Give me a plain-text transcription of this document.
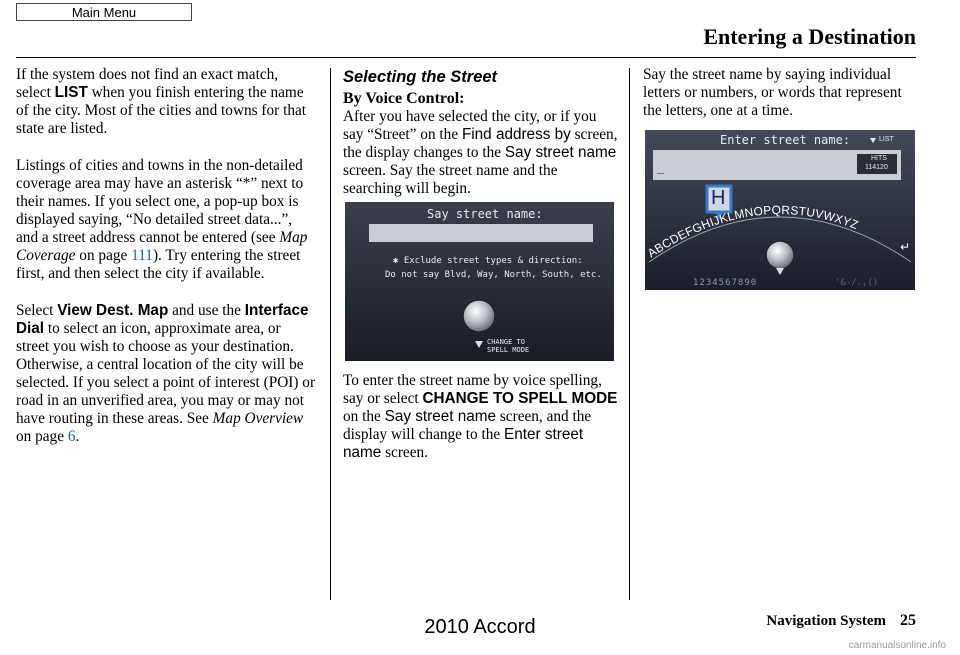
Main Menu
Entering a Destination

If the system does not find an exact match, select LIST when you finish entering the name of the city. Most of the cities and towns for that state are listed.

Listings of cities and towns in the non-detailed coverage area may have an asterisk “*” next to their names. If you select one, a pop-up box is displayed saying, “No detailed street data...”, and a street address cannot be entered (see Map Coverage on page 111). Try entering the street first, and then select the city if available.

Select View Dest. Map and use the Interface Dial to select an icon, approximate area, or street you wish to choose as your destination. Otherwise, a central location of the city will be selected. If you select a point of interest (POI) or road in an unverified area, you may or may not have routing in these areas. See Map Overview on page 6.

Selecting the Street
By Voice Control:

After you have selected the city, or if you say “Street” on the Find address by screen, the display changes to the Say street name screen. Say the street name and the searching will begin.

Say street name:
✱ Exclude street types & direction:
Do not say Blvd, Way, North, South, etc.
CHANGE TO
SPELL MODE

To enter the street name by voice spelling, say or select CHANGE TO SPELL MODE on the Say street name screen, and the display will change to the Enter street name screen.

Say the street name by saying individual letters or numbers, or words that represent the letters, one at a time.

Enter street name:	LIST
HITS
114120
_
H
ABCDEFGHIJKLMNOPQRSTUVWXYZ
↵
1234567890	'&-/.,()
Navigation System 25
2010 Accord
carmanualsonline.info
